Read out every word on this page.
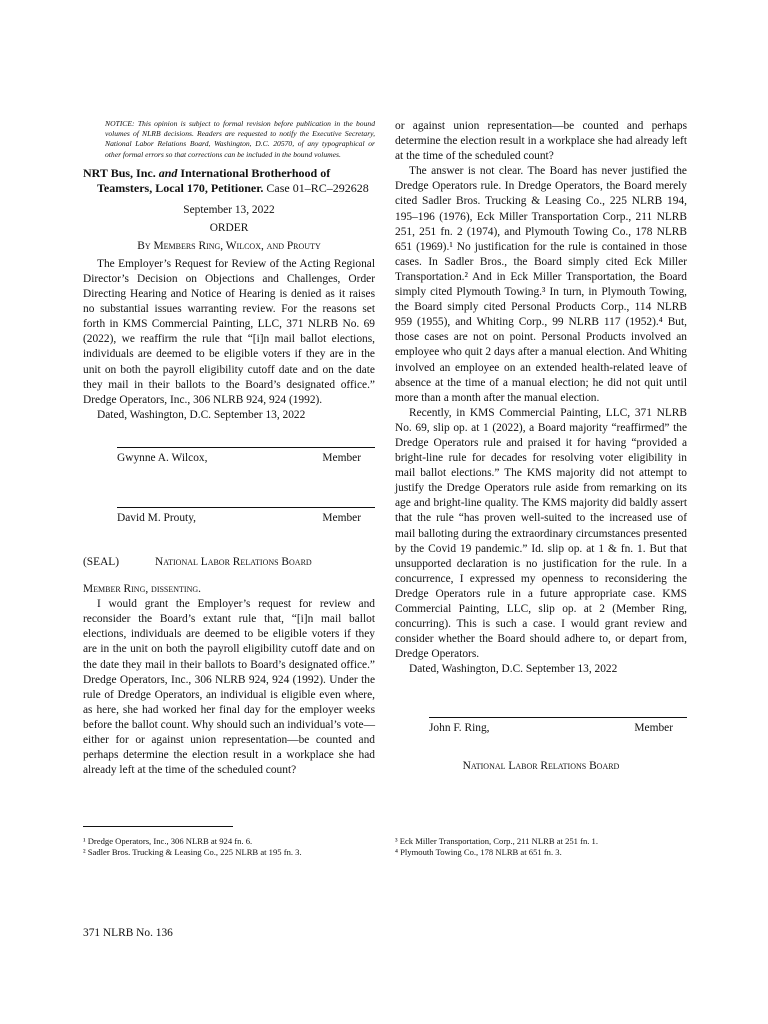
NOTICE: This opinion is subject to formal revision before publication in the bound volumes of NLRB decisions. Readers are requested to notify the Executive Secretary, National Labor Relations Board, Washington, D.C. 20570, of any typographical or other formal errors so that corrections can be included in the bound volumes.

NRT Bus, Inc. and International Brotherhood of Teamsters, Local 170, Petitioner. Case 01–RC–292628

September 13, 2022

ORDER

By Members Ring, Wilcox, and Prouty

The Employer’s Request for Review of the Acting Regional Director’s Decision on Objections and Challenges, Order Directing Hearing and Notice of Hearing is denied as it raises no substantial issues warranting review. For the reasons set forth in KMS Commercial Painting, LLC, 371 NLRB No. 69 (2022), we reaffirm the rule that “[i]n mail ballot elections, individuals are deemed to be eligible voters if they are in the unit on both the payroll eligibility cutoff date and on the date they mail in their ballots to the Board’s designated office.” Dredge Operators, Inc., 306 NLRB 924, 924 (1992).

Dated, Washington, D.C. September 13, 2022

Gwynne A. Wilcox,	Member
David M. Prouty,	Member
(SEAL)	National Labor Relations Board

Member Ring, dissenting.

I would grant the Employer’s request for review and reconsider the Board’s extant rule that, “[i]n mail ballot elections, individuals are deemed to be eligible voters if they are in the unit on both the payroll eligibility cutoff date and on the date they mail in their ballots to Board’s designated office.” Dredge Operators, Inc., 306 NLRB 924, 924 (1992). Under the rule of Dredge Operators, an individual is eligible even where, as here, she had worked her final day for the employer weeks before the ballot count. Why should such an individual’s vote—either for or against union representation—be counted and perhaps determine the election result in a workplace she had already left at the time of the scheduled count?

or against union representation—be counted and perhaps determine the election result in a workplace she had already left at the time of the scheduled count?

The answer is not clear. The Board has never justified the Dredge Operators rule. In Dredge Operators, the Board merely cited Sadler Bros. Trucking & Leasing Co., 225 NLRB 194, 195–196 (1976), Eck Miller Transportation Corp., 211 NLRB 251, 251 fn. 2 (1974), and Plymouth Towing Co., 178 NLRB 651 (1969).¹ No justification for the rule is contained in those cases. In Sadler Bros., the Board simply cited Eck Miller Transportation.² And in Eck Miller Transportation, the Board simply cited Plymouth Towing.³ In turn, in Plymouth Towing, the Board simply cited Personal Products Corp., 114 NLRB 959 (1955), and Whiting Corp., 99 NLRB 117 (1952).⁴ But, those cases are not on point. Personal Products involved an employee who quit 2 days after a manual election. And Whiting involved an employee on an extended health-related leave of absence at the time of a manual election; he did not quit until more than a month after the manual election.

Recently, in KMS Commercial Painting, LLC, 371 NLRB No. 69, slip op. at 1 (2022), a Board majority “reaffirmed” the Dredge Operators rule and praised it for having “provided a bright-line rule for decades for resolving voter eligibility in mail ballot elections.” The KMS majority did not attempt to justify the Dredge Operators rule aside from remarking on its age and bright-line quality. The KMS majority did baldly assert that the rule “has proven well-suited to the increased use of mail balloting during the extraordinary circumstances presented by the Covid 19 pandemic.” Id. slip op. at 1 & fn. 1. But that unsupported declaration is no justification for the rule. In a concurrence, I expressed my openness to reconsidering the Dredge Operators rule in a future appropriate case. KMS Commercial Painting, LLC, slip op. at 2 (Member Ring, concurring). This is such a case. I would grant review and consider whether the Board should adhere to, or depart from, Dredge Operators.

Dated, Washington, D.C. September 13, 2022

John F. Ring,	Member

National Labor Relations Board

¹ Dredge Operators, Inc., 306 NLRB at 924 fn. 6.
² Sadler Bros. Trucking & Leasing Co., 225 NLRB at 195 fn. 3.
³ Eck Miller Transportation, Corp., 211 NLRB at 251 fn. 1.
⁴ Plymouth Towing Co., 178 NLRB at 651 fn. 3.
371 NLRB No. 136
